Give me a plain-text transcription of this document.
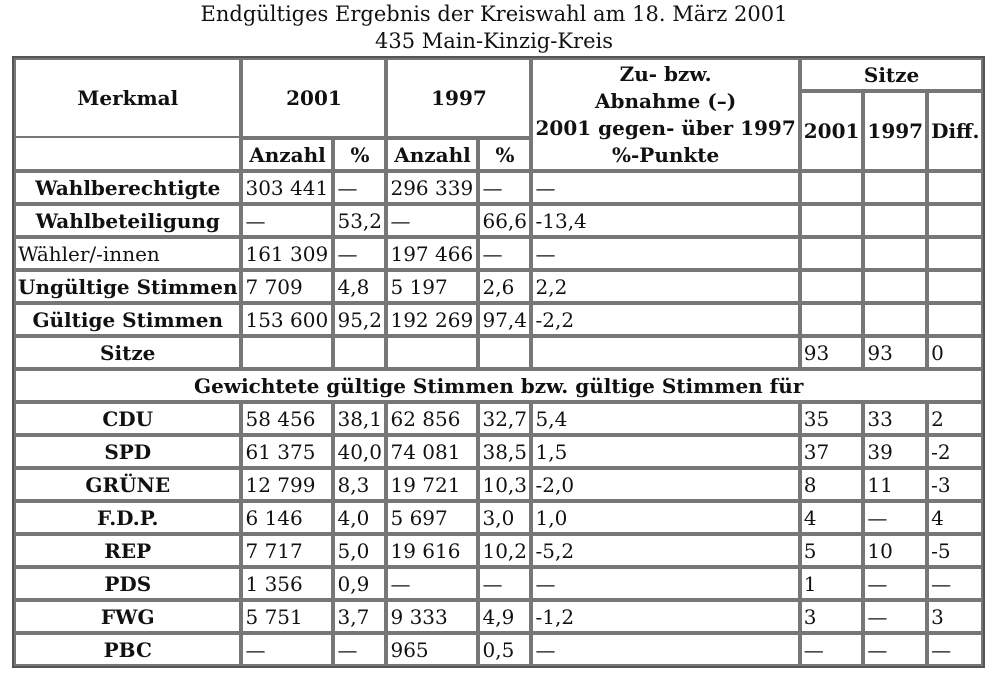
Endgültiges Ergebnis der Kreiswahl am 18. März 2001
435 Main-Kinzig-Kreis
Merkmal	2001		1997		Zu- bzw.
Abnahme (–)
2001 gegen- über 1997
%-Punkte	Sitze		
						2001	1997	Diff.
	Anzahl	%	Anzahl	%				
Wahlberechtigte	303 441	—	296 339	—	—			
Wahlbeteiligung	—	53,2	—	66,6	-13,4			
Wähler/-innen	161 309	—	197 466	—	—			
Ungültige Stimmen	7 709	4,8	5 197	2,6	2,2			
Gültige Stimmen	153 600	95,2	192 269	97,4	-2,2			
Sitze						93	93	0
Gewichtete gültige Stimmen bzw. gültige Stimmen für								
CDU	58 456	38,1	62 856	32,7	5,4	35	33	2
SPD	61 375	40,0	74 081	38,5	1,5	37	39	-2
GRÜNE	12 799	8,3	19 721	10,3	-2,0	8	11	-3
F.D.P.	6 146	4,0	5 697	3,0	1,0	4	—	4
REP	7 717	5,0	19 616	10,2	-5,2	5	10	-5
PDS	1 356	0,9	—	—	—	1	—	—
FWG	5 751	3,7	9 333	4,9	-1,2	3	—	3
PBC	—	—	965	0,5	—	—	—	—
